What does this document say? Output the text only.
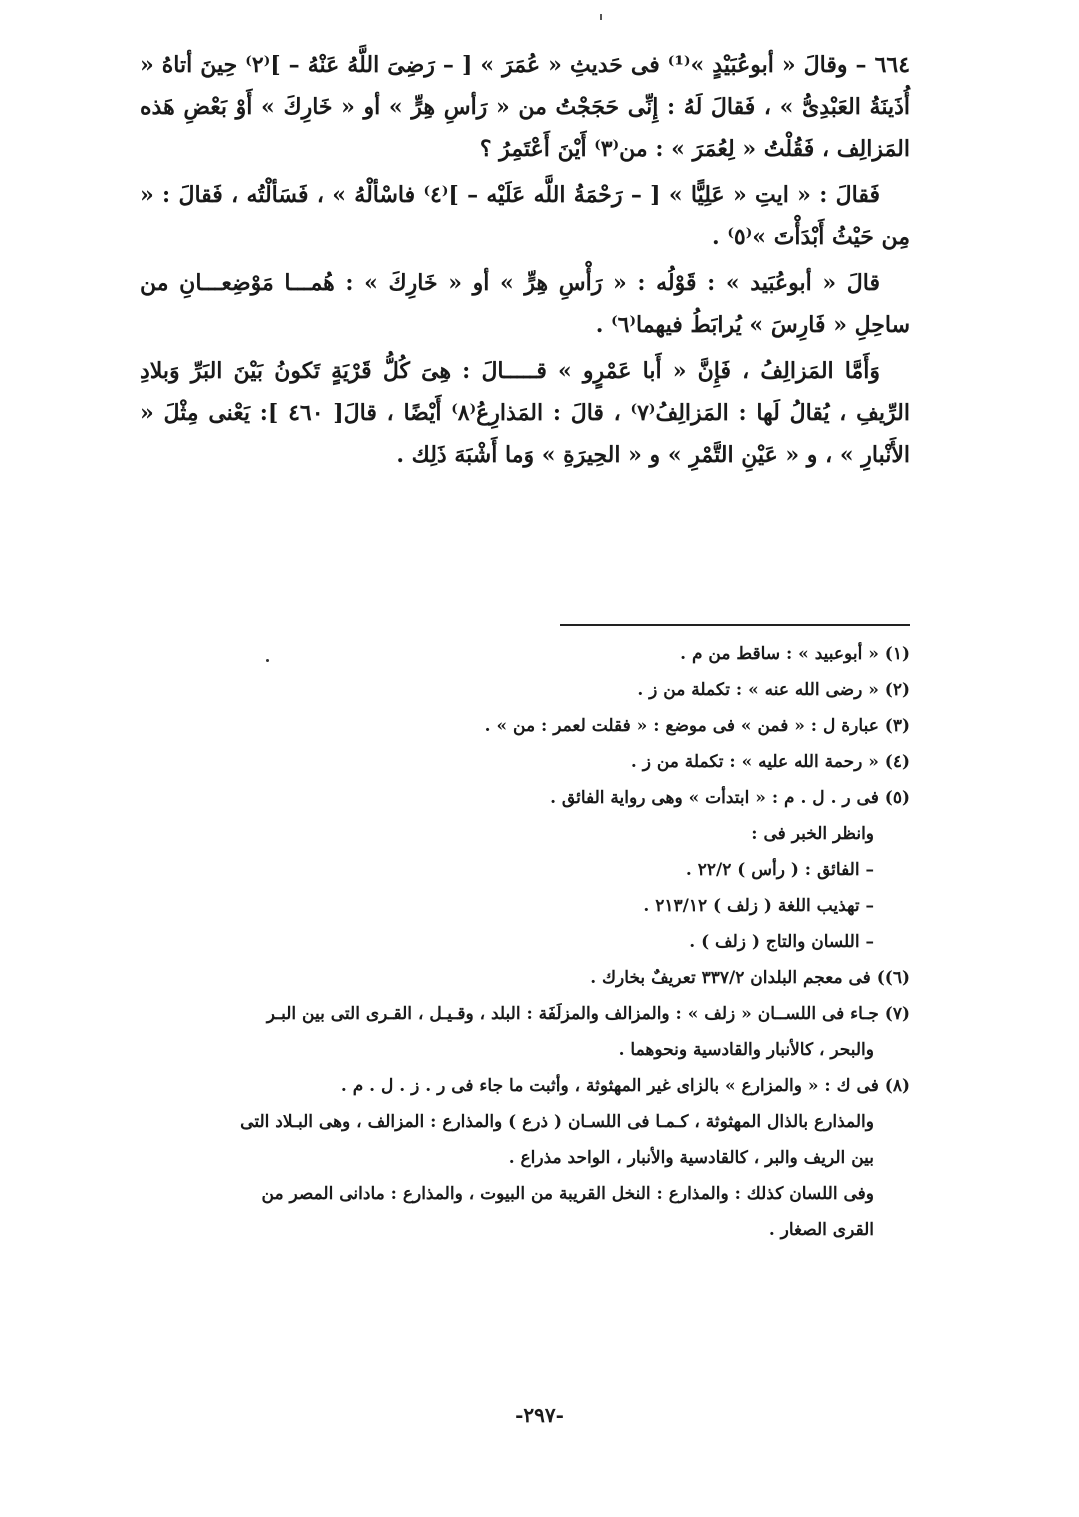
٦٦٤ – وقالَ « أبوعُبَيْدٍ »⁽¹⁾ فى حَديثِ « عُمَرَ » [ – رَضِىَ اللَّهُ عَنْهُ – ]⁽٢⁾ حِينَ أتاهُ « أُذَينَةُ العَبْدِىُّ » ، فَقالَ لَهُ : إِنِّى حَجَجْتُ من « رَأسِ هِرٍّ » أو « خَارِكَ » أَوْ بَعْضِ هَذه المَزالِف ، فَقُلْتُ « لِعُمَرَ » : من⁽٣⁾ أَيْنَ أَعْتَمِرُ ؟

فَقالَ : « ايتِ « عَلِيًّا » [ – رَحْمَةُ اللَّه عَلَيْه – ]⁽٤⁾ فاسْألْهُ » ، فَسَألْتُه ، فَقالَ : « مِن حَيْثُ أَبْدَأْتَ »⁽٥⁾ .

قالَ « أبوعُبَيد » : قَوْلُه : « رَأْسِ هِرٍّ » أو « خَارِكَ » : هُمـــا مَوْضِعـــانِ من ساحِلِ « فَارِسَ » يُرابَطُ فيهما⁽٦⁾ .

وَأَمَّا المَزالِفُ ، فَإِنَّ « أَبا عَمْرٍو » قـــــالَ : هِىَ كُلُّ قَرْيَةٍ تَكونُ بَيْنَ البَرِّ وَبلادِ الرِّيفِ ، يُقالُ لَها : المَزالِفُ⁽٧⁾ ، قالَ : المَذارِعُ⁽٨⁾ أَيْضًا ، قالَ[ ٤٦٠ ]: يَعْنى مِثْلَ « الأَنْبارِ » ، و « عَيْنِ التَّمْرِ » و « الحِيرَةِ » وَما أَشْبَهَ ذَلِك .

(١) « أبوعبيد » : ساقط من م .

(٢) « رضى الله عنه » : تكملة من ز .

(٣) عبارة ل : « فمن » فى موضع : « فقلت لعمر : من » .

(٤) « رحمة الله عليه » : تكملة من ز .

(٥) فى ر . ل . م : « ابتدأت » وهى رواية الفائق .

وانظر الخبر فى :

– الفائق : ( رأس ) ٢٢/٢ .

– تهذيب اللغة ( زلف ) ٢١٣/١٢ .

– اللسان والتاج ( زلف ) .

(٦)) فى معجم البلدان ٣٣٧/٢ تعريفٌ بخارك .

(٧) جـاء فى اللســان « زلف » : والمزالف والمزلَفَة : البلد ، وقـيـل ، القـرى التى بين البـر

والبحر ، كالأنبار والقادسية ونحوهما .

(٨) فى ك : « والمزارع » بالزاى غير المهثوثة ، وأثبت ما جاء فى ر . ز . ل . م .

والمذارع بالذال المهثوثة ، كـمـا فى اللسـان ( ذرع ) والمذارع : المزالف ، وهى البـلاد التى

بين الريف والبر ، كالقادسية والأنبار ، الواحد مذراع .

وفى اللسان كذلك : والمذارع : النخل القريبة من البيوت ، والمذارع : مادانى المصر من

القرى الصغار .

-٢٩٧-
